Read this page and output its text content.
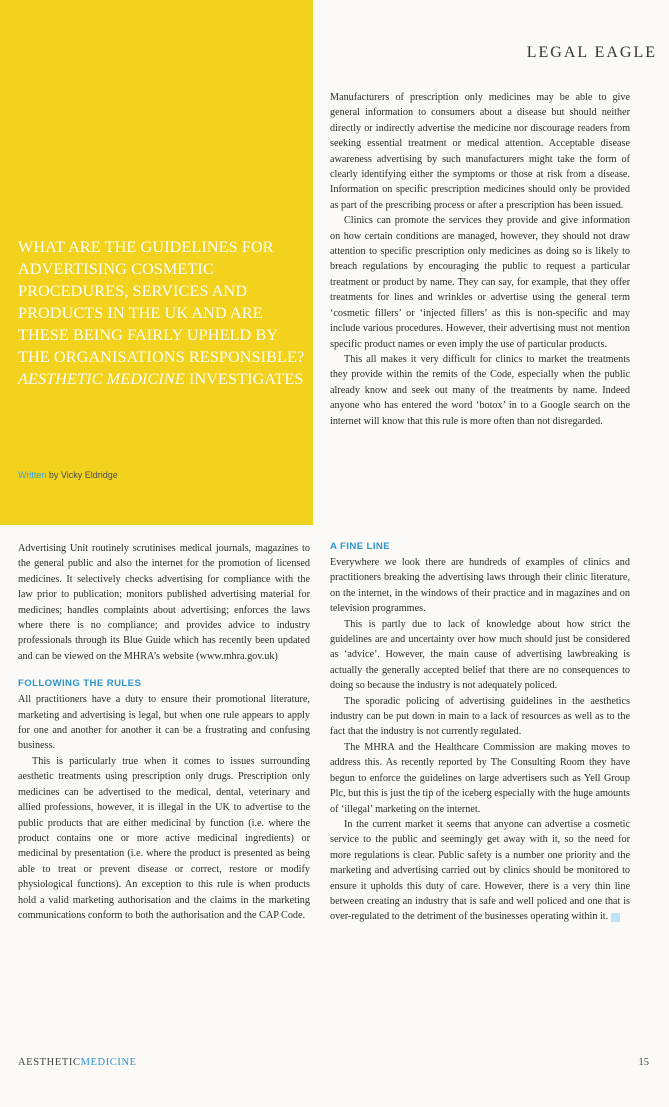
WHAT ARE THE GUIDELINES FOR ADVERTISING COSMETIC PROCEDURES, SERVICES AND PRODUCTS IN THE UK AND ARE THESE BEING FAIRLY UPHELD BY THE ORGANISATIONS RESPONSIBLE? AESTHETIC MEDICINE INVESTIGATES
Written by Vicky Eldridge
LEGAL EAGLE

Manufacturers of prescription only medicines may be able to give general information to consumers about a disease but should neither directly or indirectly advertise the medicine nor discourage readers from seeking essential treatment or medical attention. Acceptable disease awareness advertising by such manufacturers might take the form of clearly identifying either the symptoms or those at risk from a disease. Information on specific prescription medicines should only be provided as part of the prescribing process or after a prescription has been issued.

Clinics can promote the services they provide and give information on how certain conditions are managed, however, they should not draw attention to specific prescription only medicines as doing so is likely to breach regulations by encouraging the public to request a particular treatment or product by name. They can say, for example, that they offer treatments for lines and wrinkles or advertise using the general term ‘cosmetic fillers’ or ‘injected fillers’ as this is non-specific and may include various procedures. However, their advertising must not mention specific product names or even imply the use of particular products.

This all makes it very difficult for clinics to market the treatments they provide within the remits of the Code, especially when the public already know and seek out many of the treatments by name. Indeed anyone who has entered the word ‘botox’ in to a Google search on the internet will know that this rule is more often than not disregarded.

Advertising Unit routinely scrutinises medical journals, magazines to the general public and also the internet for the promotion of licensed medicines. It selectively checks advertising for compliance with the law prior to publication; monitors published advertising material for medicines; handles complaints about advertising; enforces the laws where there is no compliance; and provides advice to industry professionals through its Blue Guide which has recently been updated and can be viewed on the MHRA’s website (www.mhra.gov.uk)

FOLLOWING THE RULES

All practitioners have a duty to ensure their promotional literature, marketing and advertising is legal, but when one rule appears to apply for one and another for another it can be a frustrating and confusing business.

This is particularly true when it comes to issues surrounding aesthetic treatments using prescription only drugs. Prescription only medicines can be advertised to the medical, dental, veterinary and allied professions, however, it is illegal in the UK to advertise to the public products that are either medicinal by function (i.e. where the product contains one or more active medicinal ingredients) or medicinal by presentation (i.e. where the product is presented as being able to treat or prevent disease or correct, restore or modify physiological functions). An exception to this rule is when products hold a valid marketing authorisation and the claims in the marketing communications conform to both the authorisation and the CAP Code.

A FINE LINE

Everywhere we look there are hundreds of examples of clinics and practitioners breaking the advertising laws through their clinic literature, on the internet, in the windows of their practice and in magazines and on television programmes.

This is partly due to lack of knowledge about how strict the guidelines are and uncertainty over how much should just be considered as ‘advice’. However, the main cause of advertising lawbreaking is actually the generally accepted belief that there are no consequences to doing so because the industry is not adequately policed.

The sporadic policing of advertising guidelines in the aesthetics industry can be put down in main to a lack of resources as well as to the fact that the industry is not currently regulated.

The MHRA and the Healthcare Commission are making moves to address this. As recently reported by The Consulting Room they have begun to enforce the guidelines on large advertisers such as Yell Group Plc, but this is just the tip of the iceberg especially with the huge amounts of ‘illegal’ marketing on the internet.

In the current market it seems that anyone can advertise a cosmetic service to the public and seemingly get away with it, so the need for more regulations is clear. Public safety is a number one priority and the marketing and advertising carried out by clinics should be monitored to ensure it upholds this duty of care. However, there is a very thin line between creating an industry that is safe and well policed and one that is over-regulated to the detriment of the businesses operating within it.

AESTHETICMEDICINE	15
